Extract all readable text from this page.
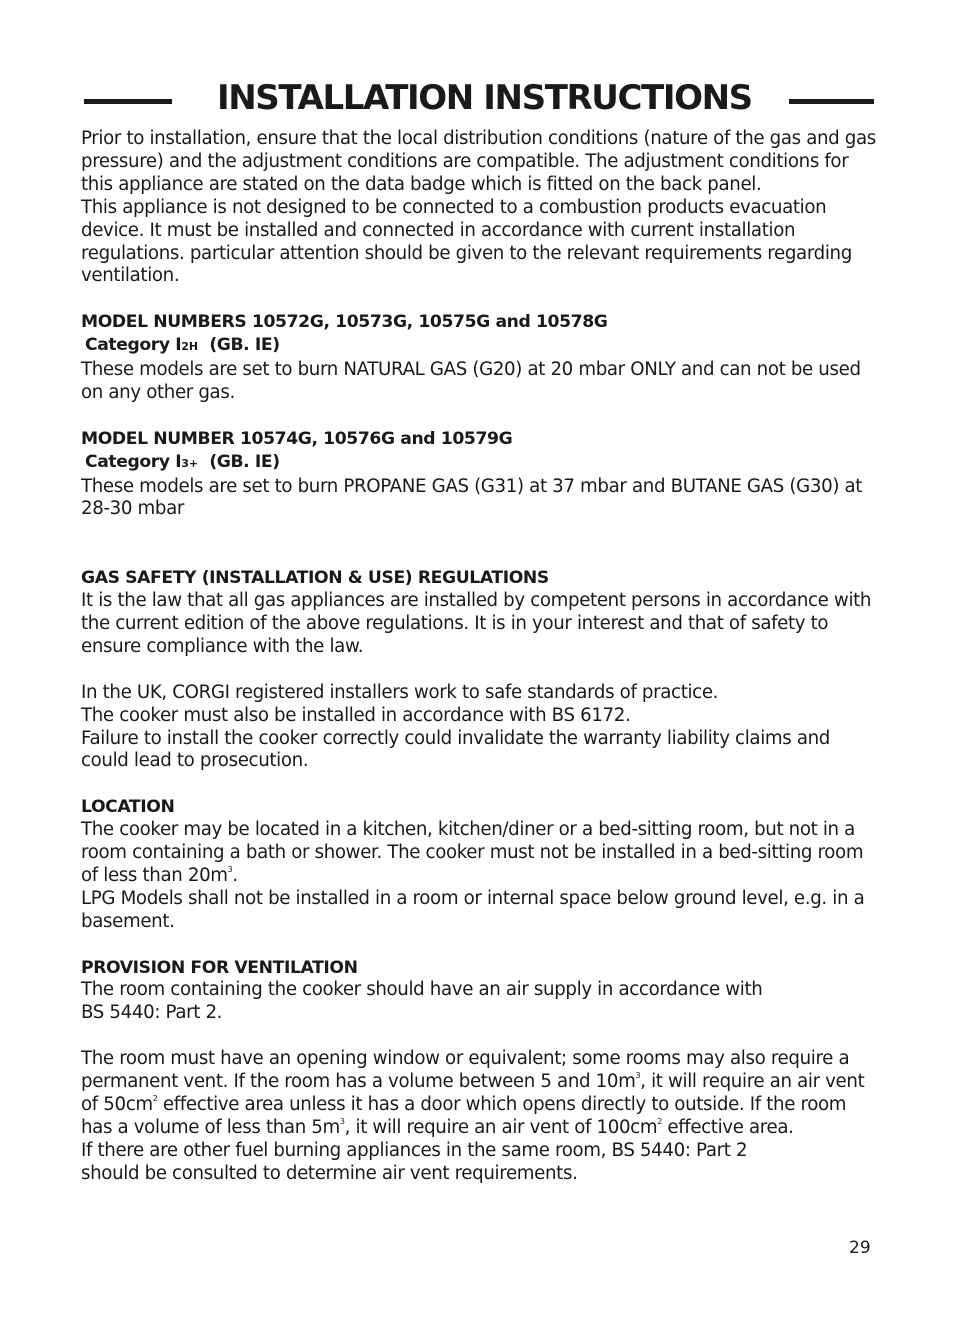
INSTALLATION INSTRUCTIONS

Prior to installation, ensure that the local distribution conditions (nature of the gas and gas pressure) and the adjustment conditions are compatible. The adjustment conditions for this appliance are stated on the data badge which is fitted on the back panel.

This appliance is not designed to be connected to a combustion products evacuation device. It must be installed and connected in accordance with current installation regulations. particular attention should be given to the relevant requirements regarding ventilation.

MODEL NUMBERS 10572G, 10573G, 10575G and 10578G

Category I2H (GB. IE)

These models are set to burn NATURAL GAS (G20) at 20 mbar ONLY and can not be used on any other gas.

MODEL NUMBER 10574G, 10576G and 10579G

Category I3+ (GB. IE)

These models are set to burn PROPANE GAS (G31) at 37 mbar and BUTANE GAS (G30) at 28-30 mbar

GAS SAFETY (INSTALLATION & USE) REGULATIONS

It is the law that all gas appliances are installed by competent persons in accordance with the current edition of the above regulations. It is in your interest and that of safety to ensure compliance with the law.

In the UK, CORGI registered installers work to safe standards of practice.

The cooker must also be installed in accordance with BS 6172.

Failure to install the cooker correctly could invalidate the warranty liability claims and could lead to prosecution.

LOCATION

The cooker may be located in a kitchen, kitchen/diner or a bed-sitting room, but not in a room containing a bath or shower. The cooker must not be installed in a bed-sitting room of less than $20m^3$.

LPG Models shall not be installed in a room or internal space below ground level, e.g. in a basement.

PROVISION FOR VENTILATION

The room containing the cooker should have an air supply in accordance with
BS 5440: Part 2.

The room must have an opening window or equivalent; some rooms may also require a permanent vent. If the room has a volume between 5 and $10m^3$, it will require an air vent of $50cm^2$ effective area unless it has a door which opens directly to outside. If the room has a volume of less than $5m^3$, it will require an air vent of $100cm^2$ effective area.

If there are other fuel burning appliances in the same room, BS 5440: Part 2
should be consulted to determine air vent requirements.

29
